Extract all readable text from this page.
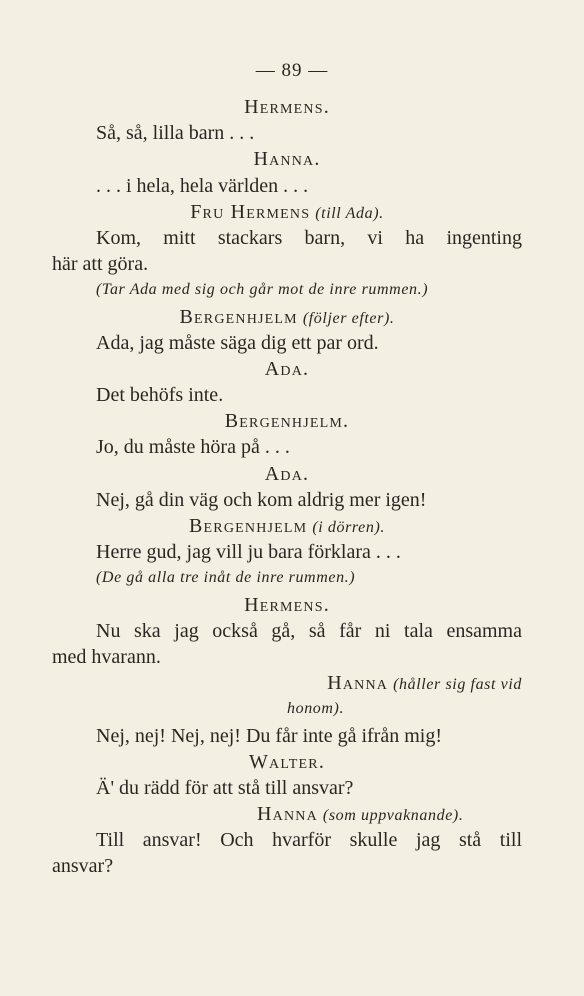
— 89 —
Hermens.
Så, så, lilla barn . . .
Hanna.
. . . i hela, hela världen . . .
Fru Hermens (till Ada).
Kom, mitt stackars barn, vi ha ingenting
här att göra.
(Tar Ada med sig och går mot de inre rummen.)
Bergenhjelm (följer efter).
Ada, jag måste säga dig ett par ord.
Ada.
Det behöfs inte.
Bergenhjelm.
Jo, du måste höra på . . .
Ada.
Nej, gå din väg och kom aldrig mer igen!
Bergenhjelm (i dörren).
Herre gud, jag vill ju bara förklara . . .
(De gå alla tre inåt de inre rummen.)
Hermens.
Nu ska jag också gå, så får ni tala ensamma
med hvarann.
Hanna (håller sig fast vid
honom).
Nej, nej! Nej, nej! Du får inte gå ifrån mig!
Walter.
Ä' du rädd för att stå till ansvar?
Hanna (som uppvaknande).
Till ansvar! Och hvarför skulle jag stå till
ansvar?
